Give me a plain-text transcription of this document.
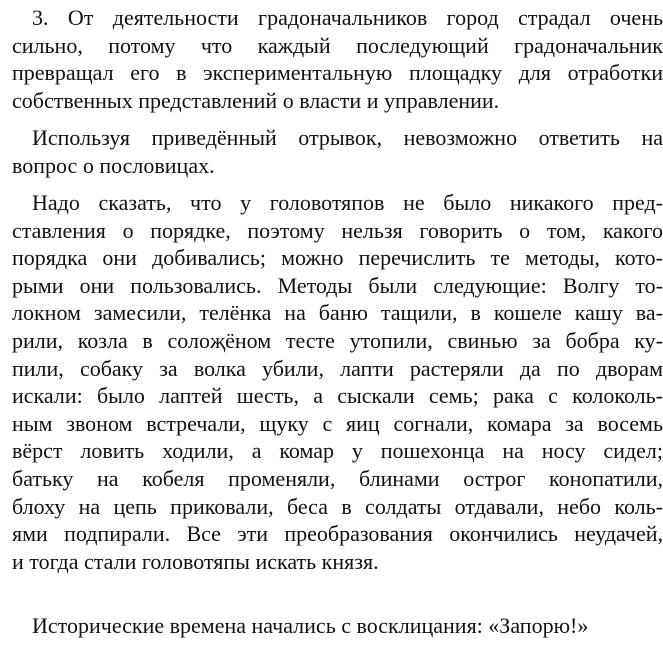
3. От деятельности градоначальников город страдал очень
сильно, потому что каждый последующий градоначальник
превращал его в экспериментальную площадку для отработки
собственных представлений о власти и управлении.
Используя приведённый отрывок, невозможно ответить на
вопрос о пословицах.
Надо сказать, что у головотяпов не было никакого пред-
ставления о порядке, поэтому нельзя говорить о том, какого
порядка они добивались; можно перечислить те методы, кото-
рыми они пользовались. Методы были следующие: Волгу то-
локном замесили, телёнка на баню тащили, в кошеле кашу ва-
рили, козла в солоҗёном тесте утопили, свинью за бобра ку-
пили, собаку за волка убили, лапти растеряли да по дворам
искали: было лаптей шесть, а сыскали семь; рака с колоколь-
ным звоном встречали, щуку с яиц согнали, комара за восемь
вёрст ловить ходили, а комар у пошехонца на носу сидел;
батьку на кобеля променяли, блинами острог конопатили,
блоху на цепь приковали, беса в солдаты отдавали, небо коль-
ями подпирали. Все эти преобразования окончились неудачей,
и тогда стали головотяпы искать князя.
Исторические времена начались с восклицания: «Запорю!»
